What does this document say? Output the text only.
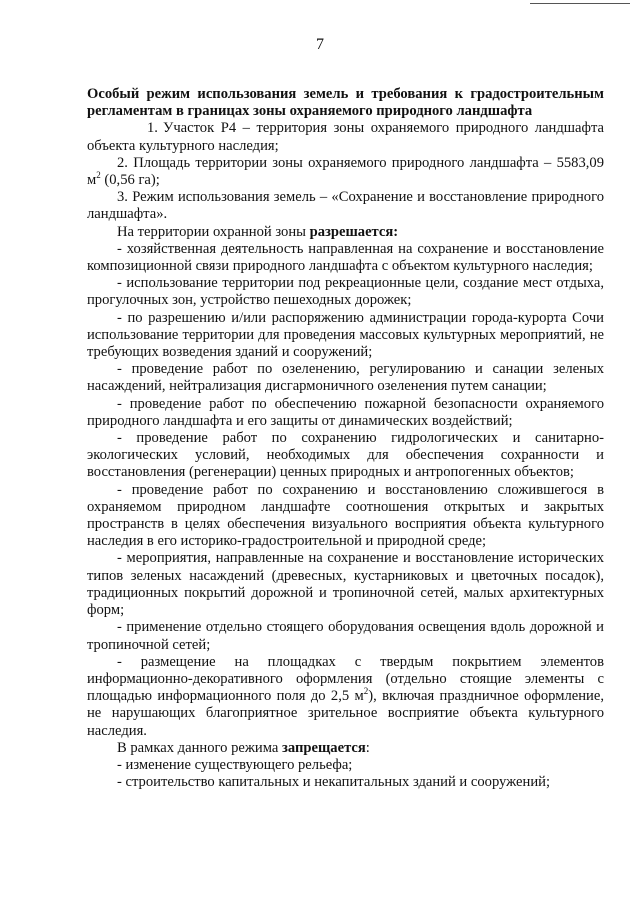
7

Особый режим использования земель и требования к градостроительным регламентам в границах зоны охраняемого природного ландшафта

1. Участок Р4 – территория зоны охраняемого природного ландшафта объекта культурного наследия;

2. Площадь территории зоны охраняемого природного ландшафта – 5583,09 $м^2$ (0,56 га);

3. Режим использования земель – «Сохранение и восстановление природного ландшафта».

На территории охранной зоны разрешается:

- хозяйственная деятельность направленная на сохранение и восстановление композиционной связи природного ландшафта с объектом культурного наследия;

- использование территории под рекреационные цели, создание мест отдыха, прогулочных зон, устройство пешеходных дорожек;

- по разрешению и/или распоряжению администрации города-курорта Сочи использование территории для проведения массовых культурных мероприятий, не требующих возведения зданий и сооружений;

- проведение работ по озеленению, регулированию и санации зеленых насаждений, нейтрализация дисгармоничного озеленения путем санации;

- проведение работ по обеспечению пожарной безопасности охраняемого природного ландшафта и его защиты от динамических воздействий;

- проведение работ по сохранению гидрологических и санитарно-экологических условий, необходимых для обеспечения сохранности и восстановления (регенерации) ценных природных и антропогенных объектов;

- проведение работ по сохранению и восстановлению сложившегося в охраняемом природном ландшафте соотношения открытых и закрытых пространств в целях обеспечения визуального восприятия объекта культурного наследия в его историко-градостроительной и природной среде;

- мероприятия, направленные на сохранение и восстановление исторических типов зеленых насаждений (древесных, кустарниковых и цветочных посадок), традиционных покрытий дорожной и тропиночной сетей, малых архитектурных форм;

- применение отдельно стоящего оборудования освещения вдоль дорожной и тропиночной сетей;

- размещение на площадках с твердым покрытием элементов информационно-декоративного оформления (отдельно стоящие элементы с площадью информационного поля до 2,5 $м^2$), включая праздничное оформление, не нарушающих благоприятное зрительное восприятие объекта культурного наследия.

В рамках данного режима запрещается:

- изменение существующего рельефа;

- строительство капитальных и некапитальных зданий и сооружений;
